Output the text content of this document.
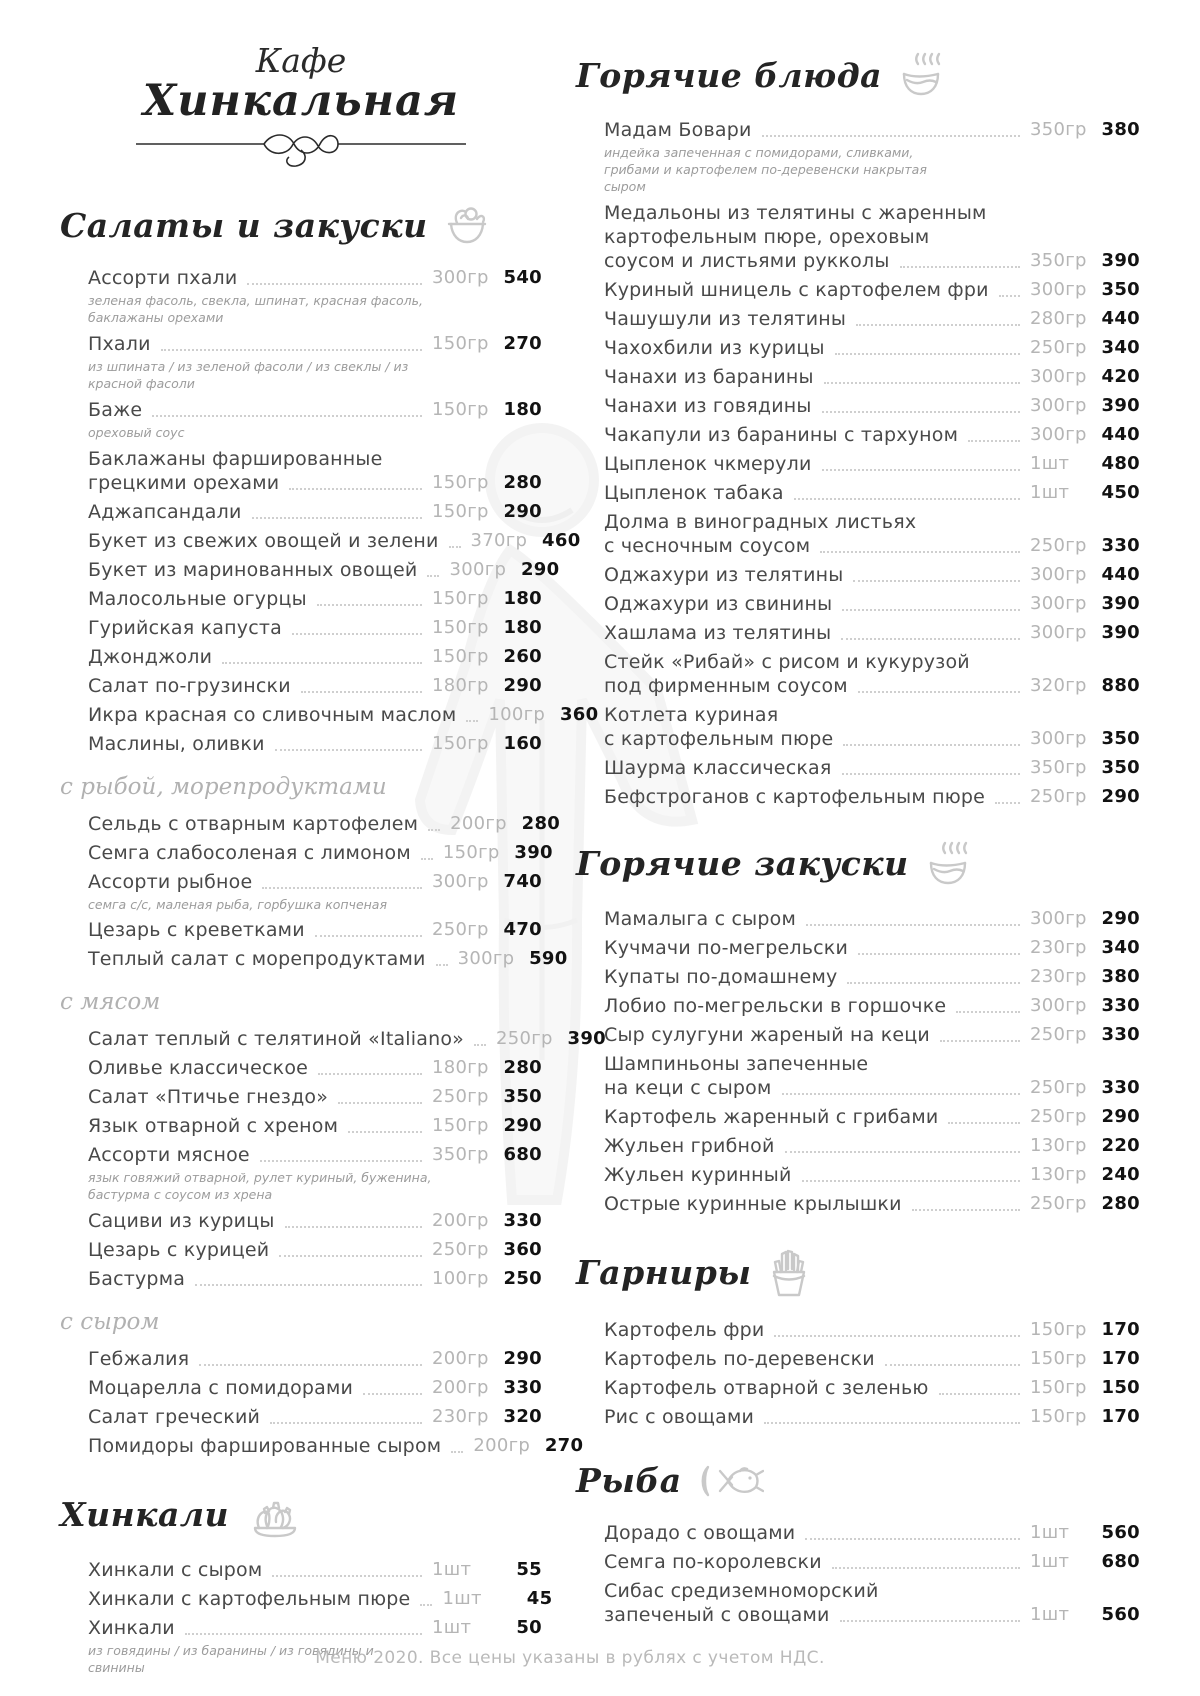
Кафе
Хинкальная
Салаты и закуски
Ассорти пхали	300гр 540
зеленая фасоль, свекла, шпинат, красная фасоль, баклажаны орехами
Пхали	150гр 270
из шпината / из зеленой фасоли / из свеклы / из красной фасоли
Баже	150гр 180
ореховый соус
Баклажаны фаршированные
грецкими орехами	150гр 280
Аджапсандали	150гр 290
Букет из свежих овощей и зелени 370гр 460
Букет из маринованных овощей 300гр 290
Малосольные огурцы	150гр 180
Гурийская капуста	150гр 180
Джонджоли	150гр 260
Салат по-грузински	180гр 290
Икра красная со сливочным маслом 100гр 360
Маслины, оливки	150гр 160
с рыбой, морепродуктами
Сельдь с отварным картофелем 200гр 280
Семга слабосоленая с лимоном 150гр 390
Ассорти рыбное	300гр 740
семга с/с, маленая рыба, горбушка копченая
Цезарь с креветками	250гр 470
Теплый салат с морепродуктами 300гр 590
с мясом
Салат теплый с телятиной «Italiano» 250гр 390
Оливье классическое	180гр 280
Салат «Птичье гнездо»	250гр 350
Язык отварной с хреном	150гр 290
Ассорти мясное	350гр 680
язык говяжий отварной, рулет куриный, буженина, бастурма с соусом из хрена
Сациви из курицы	200гр 330
Цезарь с курицей	250гр 360
Бастурма	100гр 250
с сыром
Гебжалия	200гр 290
Моцарелла с помидорами	200гр 330
Салат греческий	230гр 320
Помидоры фаршированные сыром 200гр 270
Хинкали
Хинкали с сыром	1шт	55
Хинкали с картофельным пюре 1шт	45
Хинкали	1шт	50
из говядины / из баранины / из говядины и свинины
Горячие блюда
Мадам Бовари	350гр 380
индейка запеченная с помидорами, сливками, грибами и картофелем по-деревенски накрытая сыром
Медальоны из телятины с жаренным
картофельным пюре, ореховым
соусом и листьями рукколы	350гр 390
Куриный шницель с картофелем фри 300гр 350
Чашушули из телятины	280гр 440
Чахохбили из курицы	250гр 340
Чанахи из баранины	300гр 420
Чанахи из говядины	300гр 390
Чакапули из баранины с тархуном	300гр 440
Цыпленок чкмерули	1шт	480
Цыпленок табака	1шт	450
Долма в виноградных листьях
с чесночным соусом	250гр 330
Оджахури из телятины	300гр 440
Оджахури из свинины	300гр 390
Хашлама из телятины	300гр 390
Стейк «Рибай» с рисом и кукурузой
под фирменным соусом	320гр 880
Котлета куриная
с картофельным пюре	300гр 350
Шаурма классическая	350гр 350
Бефстроганов с картофельным пюре 250гр 290
Горячие закуски
Мамалыга с сыром	300гр 290
Кучмачи по-мегрельски	230гр 340
Купаты по-домашнему	230гр 380
Лобио по-мегрельски в горшочке	300гр 330
Сыр сулугуни жареный на кеци	250гр 330
Шампиньоны запеченные
на кеци с сыром	250гр 330
Картофель жаренный с грибами	250гр 290
Жульен грибной	130гр 220
Жульен куринный	130гр 240
Острые куринные крылышки	250гр 280
Гарниры
Картофель фри	150гр 170
Картофель по-деревенски	150гр 170
Картофель отварной с зеленью	150гр 150
Рис с овощами	150гр 170
Рыба
Дорадо с овощами	1шт	560
Семга по-королевски	1шт	680
Сибас средиземноморский
запеченый с овощами	1шт	560
Меню 2020. Все цены указаны в рублях с учетом НДС.
